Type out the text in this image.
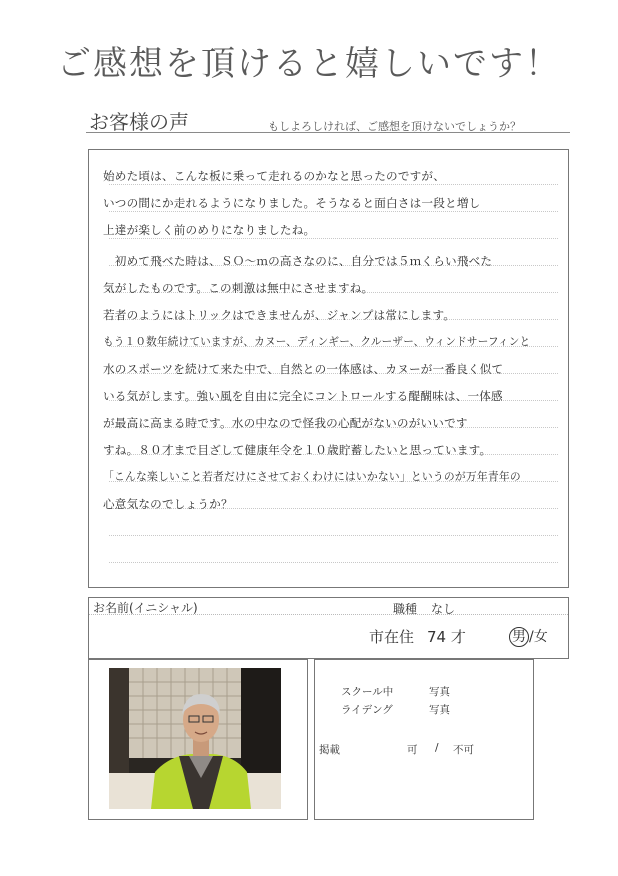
ご感想を頂けると嬉しいです！
お客様の声	もしよろしければ、ご感想を頂けないでしょうか？
始めた頃は、こんな板に乗って走れるのかなと思ったのですが、
いつの間にか走れるようになりました。そうなると面白さは一段と増し
上達が楽しく前のめりになりましたね。
　初めて飛べた時は、ＳＯ～ｍの高さなのに、自分では５ｍくらい飛べた
気がしたものです。この刺激は無中にさせますね。
若者のようにはトリックはできませんが、ジャンプは常にします。
もう１０数年続けていますが、カヌー、ディンギー、クルーザー、ウィンドサーフィンと
水のスポーツを続けて来た中で、自然との一体感は、カヌーが一番良く似て
いる気がします。強い風を自由に完全にコントロールする醍醐味は、一体感
が最高に高まる時です。水の中なので怪我の心配がないのがいいです
すね。８０才まで目ざして健康年令を１０歳貯蓄したいと思っています。
「こんな楽しいこと若者だけにさせておくわけにはいかない」というのが万年青年の
心意気なのでしょうか？
お名前(イニシャル)	職種 なし
市在住 74 才	男 /女
スクール中	写真
ライデング	写真
掲載	可 / 不可
